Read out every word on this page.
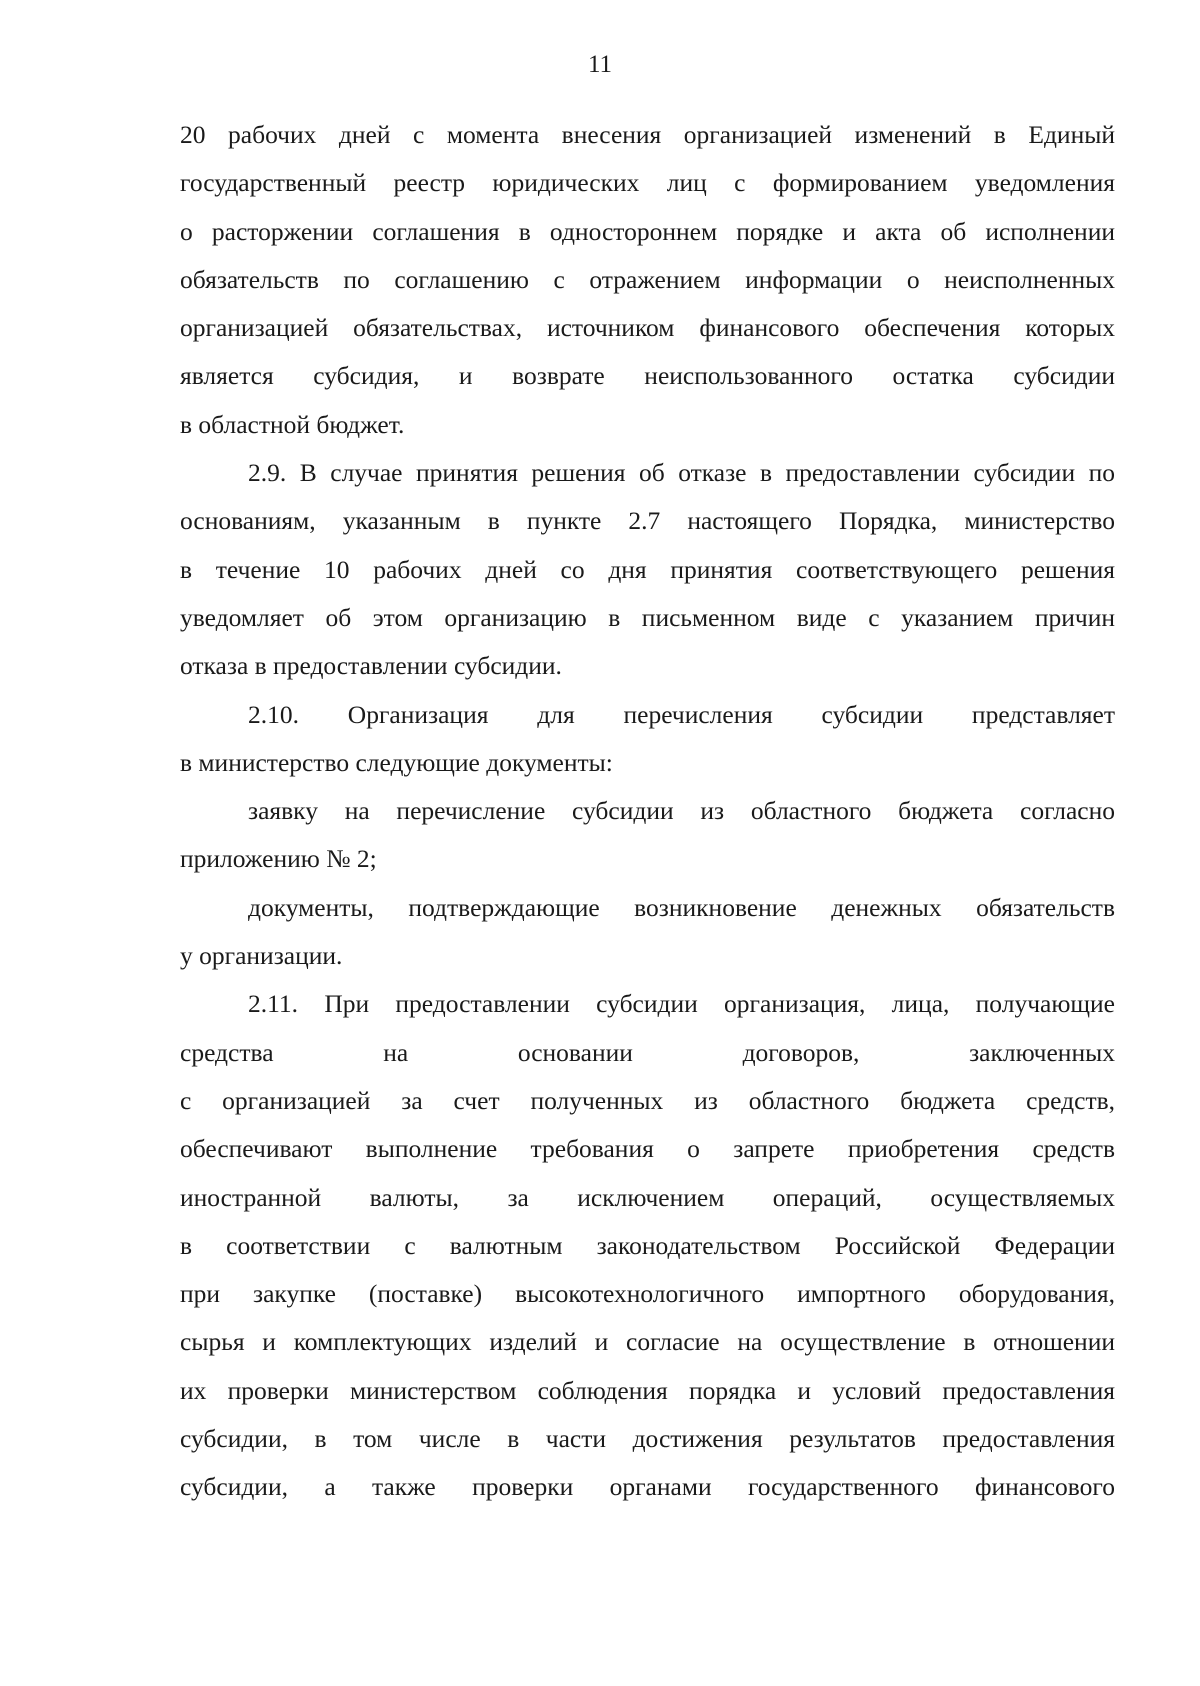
11
20 рабочих дней с момента внесения организацией изменений в Единый
государственный реестр юридических лиц с формированием уведомления
о расторжении соглашения в одностороннем порядке и акта об исполнении
обязательств по соглашению с отражением информации о неисполненных
организацией обязательствах, источником финансового обеспечения которых
является субсидия, и возврате неиспользованного остатка субсидии
в областной бюджет.
2.9. В случае принятия решения об отказе в предоставлении субсидии по
основаниям, указанным в пункте 2.7 настоящего Порядка, министерство
в течение 10 рабочих дней со дня принятия соответствующего решения
уведомляет об этом организацию в письменном виде с указанием причин
отказа в предоставлении субсидии.
2.10. Организация для перечисления субсидии представляет
в министерство следующие документы:
заявку на перечисление субсидии из областного бюджета согласно
приложению № 2;
документы, подтверждающие возникновение денежных обязательств
у организации.
2.11. При предоставлении субсидии организация, лица, получающие
средства на основании договоров, заключенных
с организацией за счет полученных из областного бюджета средств,
обеспечивают выполнение требования о запрете приобретения средств
иностранной валюты, за исключением операций, осуществляемых
в соответствии с валютным законодательством Российской Федерации
при закупке (поставке) высокотехнологичного импортного оборудования,
сырья и комплектующих изделий и согласие на осуществление в отношении
их проверки министерством соблюдения порядка и условий предоставления
субсидии, в том числе в части достижения результатов предоставления
субсидии, а также проверки органами государственного финансового
